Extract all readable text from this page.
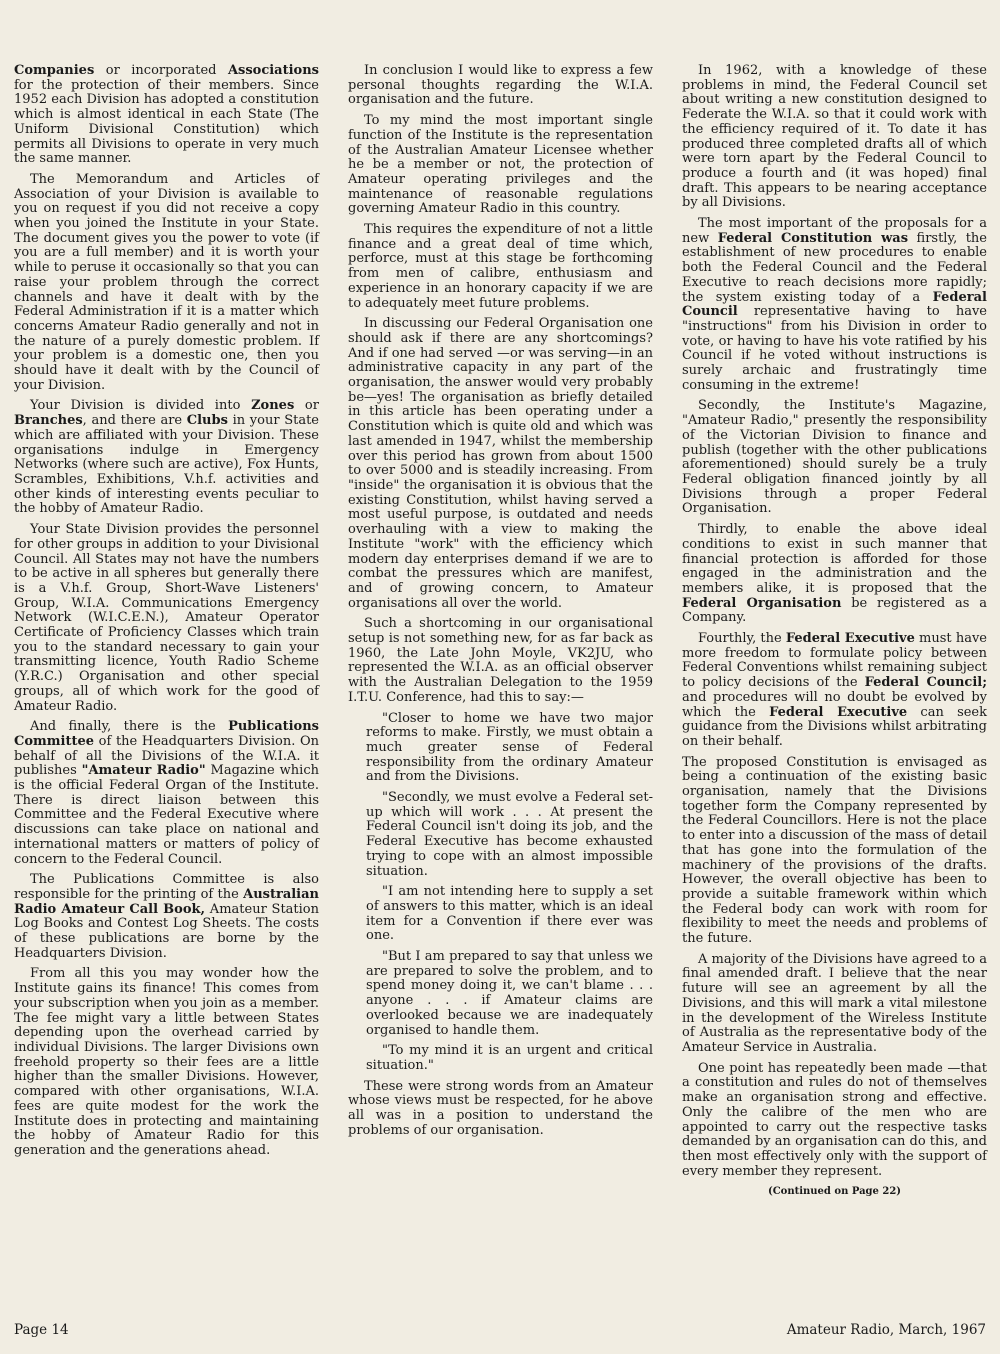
Companies or incorporated Associations for the protection of their members. Since 1952 each Division has adopted a constitution which is almost identical in each State (The Uniform Divisional Constitution) which permits all Divisions to operate in very much the same manner.

The Memorandum and Articles of Association of your Division is available to you on request if you did not receive a copy when you joined the Institute in your State. The document gives you the power to vote (if you are a full member) and it is worth your while to peruse it occasionally so that you can raise your problem through the correct channels and have it dealt with by the Federal Administration if it is a matter which concerns Amateur Radio generally and not in the nature of a purely domestic problem. If your problem is a domestic one, then you should have it dealt with by the Council of your Division.

Your Division is divided into Zones or Branches, and there are Clubs in your State which are affiliated with your Division. These organisations indulge in Emergency Networks (where such are active), Fox Hunts, Scrambles, Exhibitions, V.h.f. activities and other kinds of interesting events peculiar to the hobby of Amateur Radio.

Your State Division provides the personnel for other groups in addition to your Divisional Council. All States may not have the numbers to be active in all spheres but generally there is a V.h.f. Group, Short-Wave Listeners' Group, W.I.A. Communications Emergency Network (W.I.C.E.N.), Amateur Operator Certificate of Proficiency Classes which train you to the standard necessary to gain your transmitting licence, Youth Radio Scheme (Y.R.C.) Organisation and other special groups, all of which work for the good of Amateur Radio.

And finally, there is the Publications Committee of the Headquarters Division. On behalf of all the Divisions of the W.I.A. it publishes "Amateur Radio" Magazine which is the official Federal Organ of the Institute. There is direct liaison between this Committee and the Federal Executive where discussions can take place on national and international matters or matters of policy of concern to the Federal Council.

The Publications Committee is also responsible for the printing of the Australian Radio Amateur Call Book, Amateur Station Log Books and Contest Log Sheets. The costs of these publications are borne by the Headquarters Division.

From all this you may wonder how the Institute gains its finance! This comes from your subscription when you join as a member. The fee might vary a little between States depending upon the overhead carried by individual Divisions. The larger Divisions own freehold property so their fees are a little higher than the smaller Divisions. However, compared with other organisations, W.I.A. fees are quite modest for the work the Institute does in protecting and maintaining the hobby of Amateur Radio for this generation and the generations ahead.

In conclusion I would like to express a few personal thoughts regarding the W.I.A. organisation and the future.

To my mind the most important single function of the Institute is the representation of the Australian Amateur Licensee whether he be a member or not, the protection of Amateur operating privileges and the maintenance of reasonable regulations governing Amateur Radio in this country.

This requires the expenditure of not a little finance and a great deal of time which, perforce, must at this stage be forthcoming from men of calibre, enthusiasm and experience in an honorary capacity if we are to adequately meet future problems.

In discussing our Federal Organisation one should ask if there are any shortcomings? And if one had served —or was serving—in an administrative capacity in any part of the organisation, the answer would very probably be—yes! The organisation as briefly detailed in this article has been operating under a Constitution which is quite old and which was last amended in 1947, whilst the membership over this period has grown from about 1500 to over 5000 and is steadily increasing. From "inside" the organisation it is obvious that the existing Constitution, whilst having served a most useful purpose, is outdated and needs overhauling with a view to making the Institute "work" with the efficiency which modern day enterprises demand if we are to combat the pressures which are manifest, and of growing concern, to Amateur organisations all over the world.

Such a shortcoming in our organisational setup is not something new, for as far back as 1960, the Late John Moyle, VK2JU, who represented the W.I.A. as an official observer with the Australian Delegation to the 1959 I.T.U. Conference, had this to say:—

"Closer to home we have two major reforms to make. Firstly, we must obtain a much greater sense of Federal responsibility from the ordinary Amateur and from the Divisions.

"Secondly, we must evolve a Federal set-up which will work . . . At present the Federal Council isn't doing its job, and the Federal Executive has become exhausted trying to cope with an almost impossible situation.

"I am not intending here to supply a set of answers to this matter, which is an ideal item for a Convention if there ever was one.

"But I am prepared to say that unless we are prepared to solve the problem, and to spend money doing it, we can't blame . . . anyone . . . if Amateur claims are overlooked because we are inadequately organised to handle them.

"To my mind it is an urgent and critical situation."

These were strong words from an Amateur whose views must be respected, for he above all was in a position to understand the problems of our organisation.

In 1962, with a knowledge of these problems in mind, the Federal Council set about writing a new constitution designed to Federate the W.I.A. so that it could work with the efficiency required of it. To date it has produced three completed drafts all of which were torn apart by the Federal Council to produce a fourth and (it was hoped) final draft. This appears to be nearing acceptance by all Divisions.

The most important of the proposals for a new Federal Constitution was firstly, the establishment of new procedures to enable both the Federal Council and the Federal Executive to reach decisions more rapidly; the system existing today of a Federal Council representative having to have "instructions" from his Division in order to vote, or having to have his vote ratified by his Council if he voted without instructions is surely archaic and frustratingly time consuming in the extreme!

Secondly, the Institute's Magazine, "Amateur Radio," presently the responsibility of the Victorian Division to finance and publish (together with the other publications aforementioned) should surely be a truly Federal obligation financed jointly by all Divisions through a proper Federal Organisation.

Thirdly, to enable the above ideal conditions to exist in such manner that financial protection is afforded for those engaged in the administration and the members alike, it is proposed that the Federal Organisation be registered as a Company.

Fourthly, the Federal Executive must have more freedom to formulate policy between Federal Conventions whilst remaining subject to policy decisions of the Federal Council; and procedures will no doubt be evolved by which the Federal Executive can seek guidance from the Divisions whilst arbitrating on their behalf.

The proposed Constitution is envisaged as being a continuation of the existing basic organisation, namely that the Divisions together form the Company represented by the Federal Councillors. Here is not the place to enter into a discussion of the mass of detail that has gone into the formulation of the machinery of the provisions of the drafts. However, the overall objective has been to provide a suitable framework within which the Federal body can work with room for flexibility to meet the needs and problems of the future.

A majority of the Divisions have agreed to a final amended draft. I believe that the near future will see an agreement by all the Divisions, and this will mark a vital milestone in the development of the Wireless Institute of Australia as the representative body of the Amateur Service in Australia.

One point has repeatedly been made —that a constitution and rules do not of themselves make an organisation strong and effective. Only the calibre of the men who are appointed to carry out the respective tasks demanded by an organisation can do this, and then most effectively only with the support of every member they represent.

(Continued on Page 22)

Page 14	Amateur Radio, March, 1967
